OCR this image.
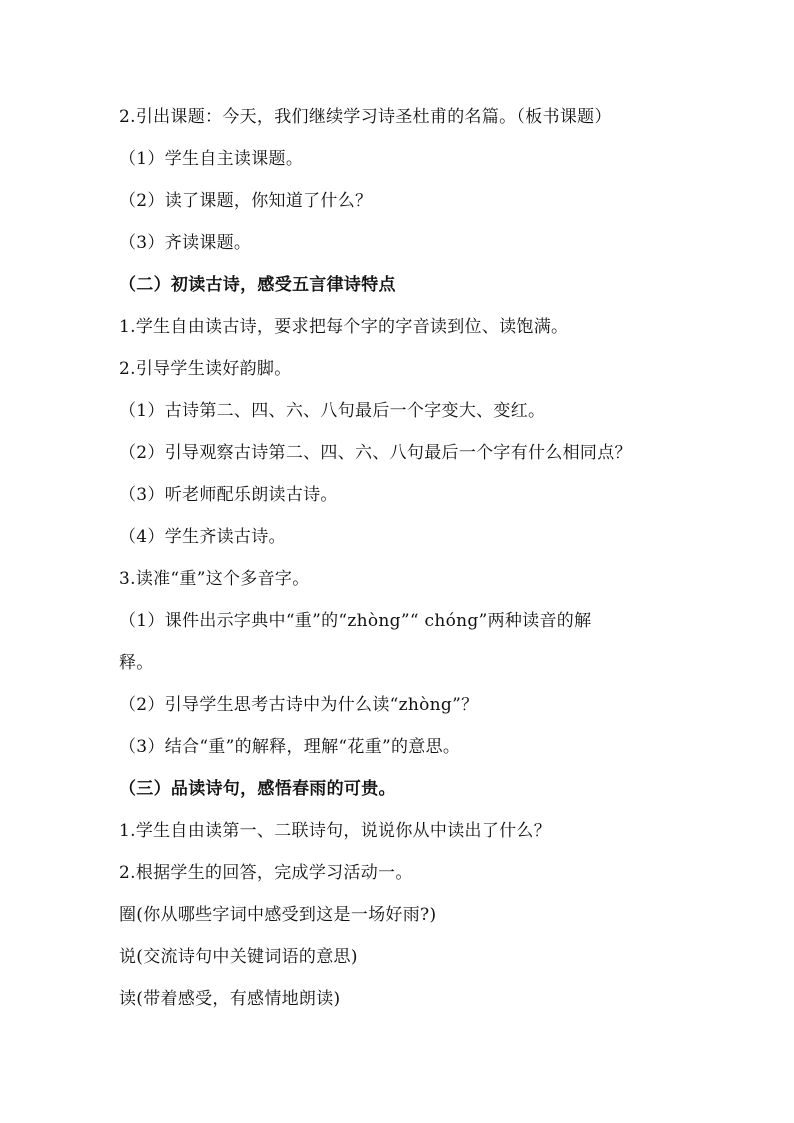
2.引出课题：今天，我们继续学习诗圣杜甫的名篇。（板书课题）
（1）学生自主读课题。
（2）读了课题，你知道了什么？
（3）齐读课题。
（二）初读古诗，感受五言律诗特点
1.学生自由读古诗，要求把每个字的字音读到位、读饱满。
2.引导学生读好韵脚。
（1）古诗第二、四、六、八句最后一个字变大、变红。
（2）引导观察古诗第二、四、六、八句最后一个字有什么相同点？
（3）听老师配乐朗读古诗。
（4）学生齐读古诗。
3.读准“重”这个多音字。
（1）课件出示字典中“重”的“zhòng”“ chóng”两种读音的解
释。
（2）引导学生思考古诗中为什么读“zhòng”？
（3）结合“重”的解释，理解“花重”的意思。
（三）品读诗句，感悟春雨的可贵。
1.学生自由读第一、二联诗句，说说你从中读出了什么？
2.根据学生的回答，完成学习活动一。
圈(你从哪些字词中感受到这是一场好雨?)
说(交流诗句中关键词语的意思)
读(带着感受，有感情地朗读)
